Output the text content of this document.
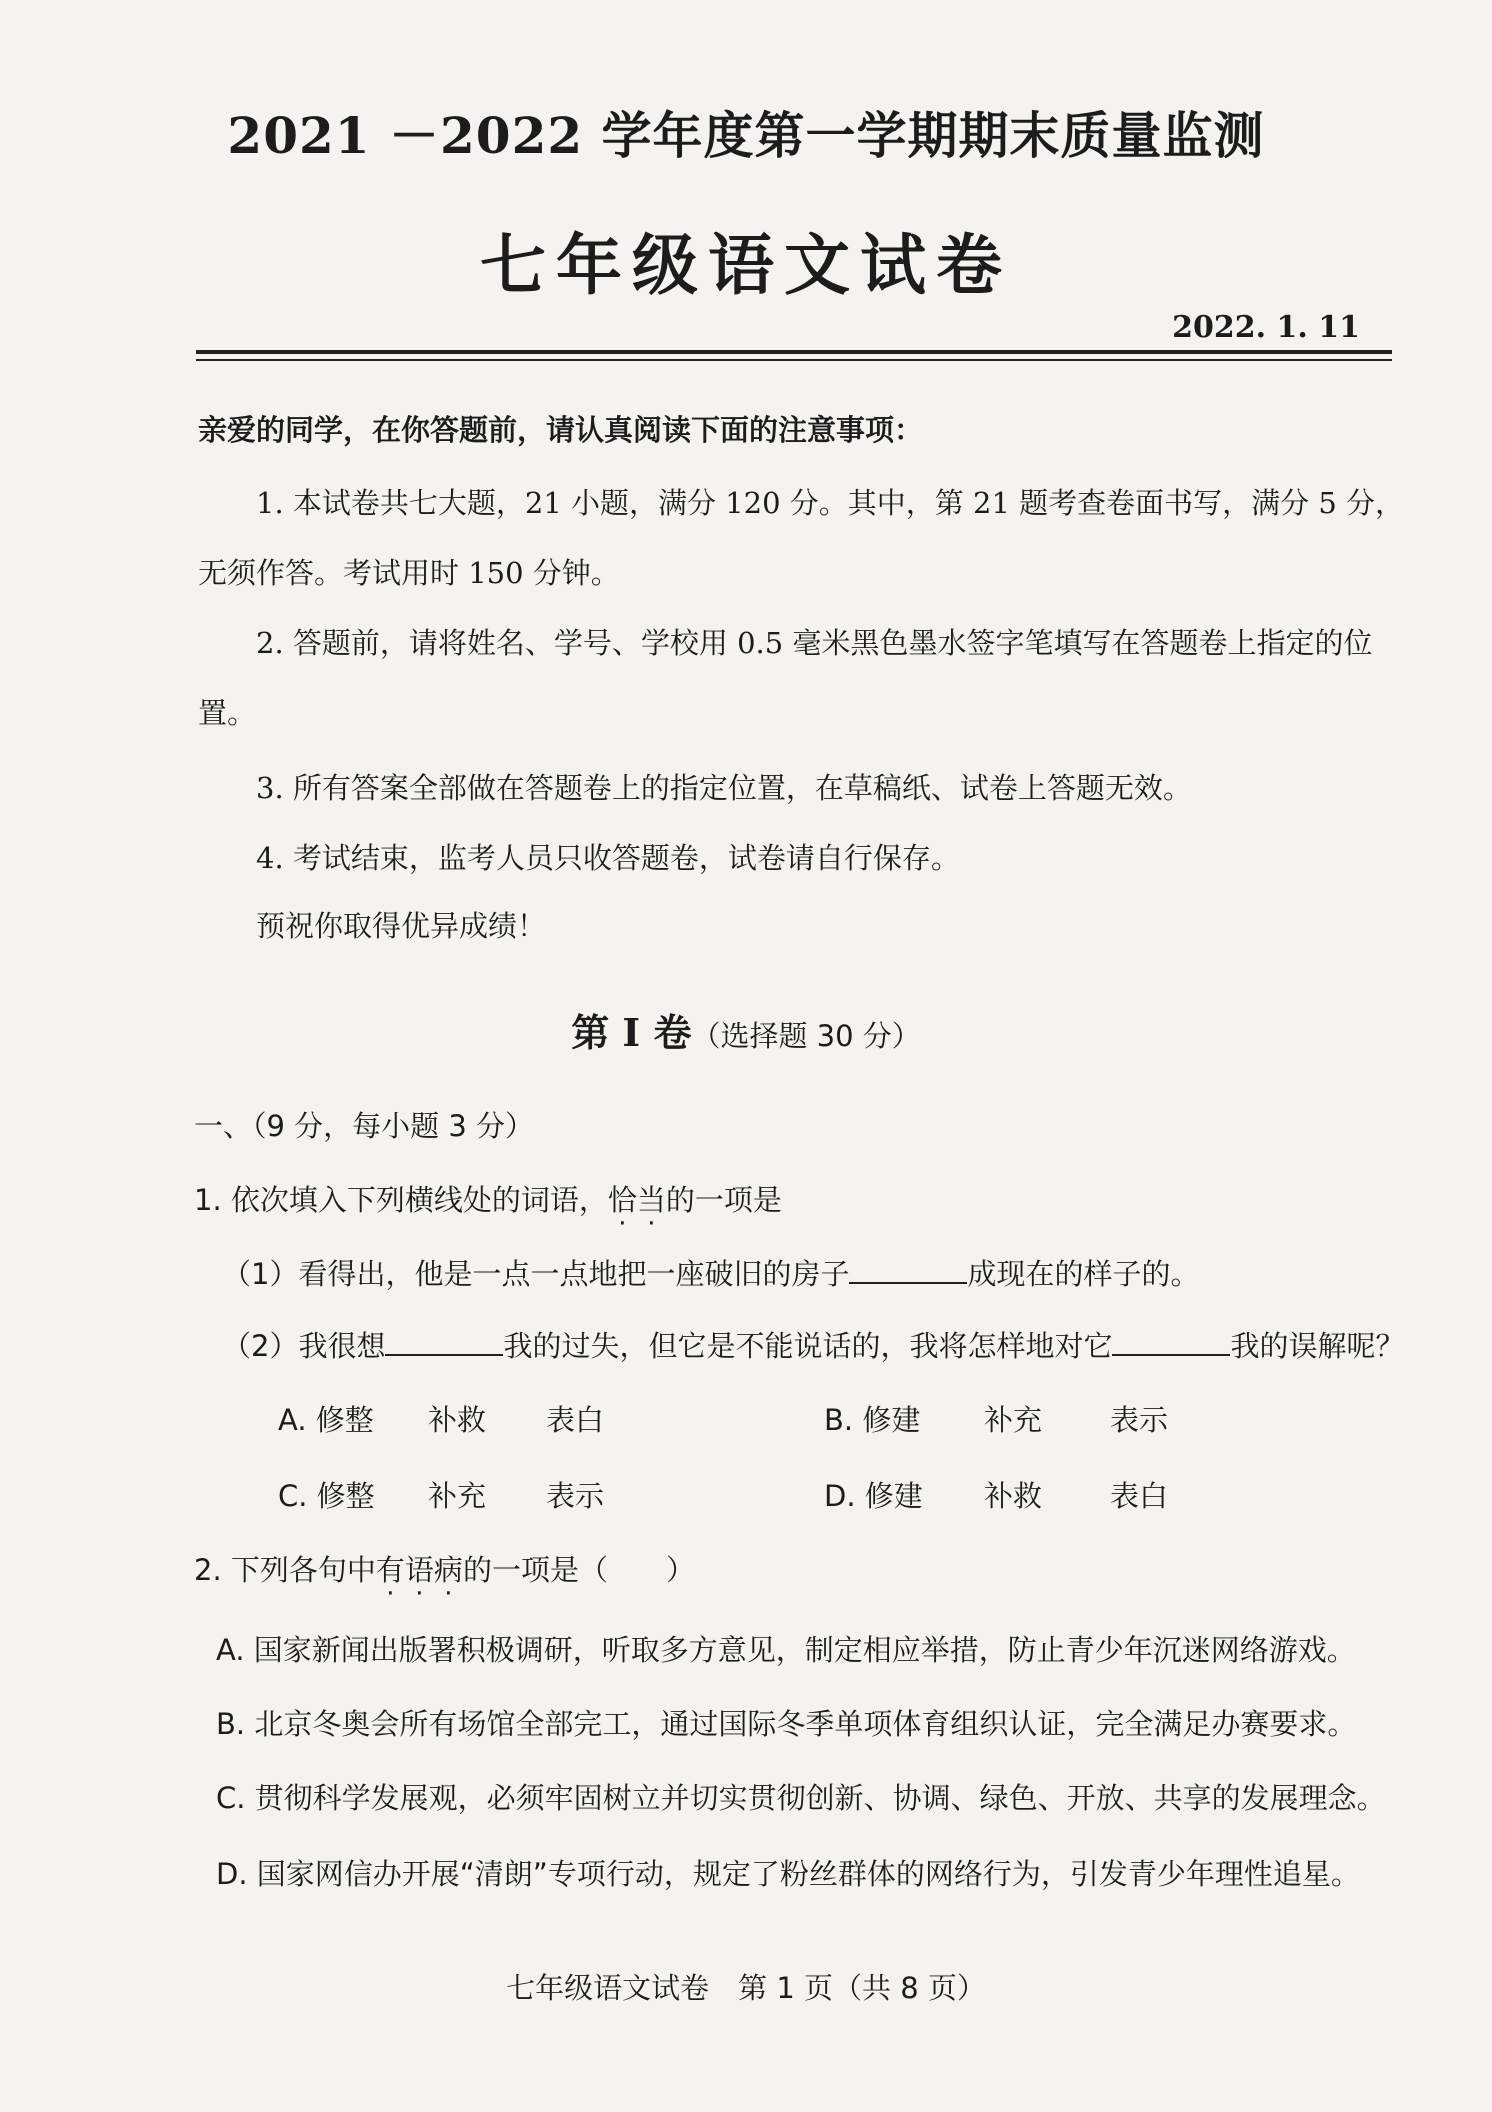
2021 －2022 学年度第一学期期末质量监测
七年级语文试卷
2022. 1. 11
亲爱的同学，在你答题前，请认真阅读下面的注意事项：
1. 本试卷共七大题，21 小题，满分 120 分。其中，第 21 题考查卷面书写，满分 5 分，无须作答。考试用时 150 分钟。
2. 答题前，请将姓名、学号、学校用 0.5 毫米黑色墨水签字笔填写在答题卷上指定的位置。
3. 所有答案全部做在答题卷上的指定位置，在草稿纸、试卷上答题无效。
4. 考试结束，监考人员只收答题卷，试卷请自行保存。
预祝你取得优异成绩！
第 I 卷（选择题 30 分）
一、（9 分，每小题 3 分）
1. 依次填入下列横线处的词语，恰当的一项是
（1）看得出，他是一点一点地把一座破旧的房子	成现在的样子的。
（2）我很想	我的过失，但它是不能说话的，我将怎样地对它	我的误解呢？
A. 修整 补救 表白	B. 修建 补充 表示
C. 修整 补充 表示	D. 修建 补救 表白
2. 下列各句中有语病的一项是（　　）
A. 国家新闻出版署积极调研，听取多方意见，制定相应举措，防止青少年沉迷网络游戏。
B. 北京冬奥会所有场馆全部完工，通过国际冬季单项体育组织认证，完全满足办赛要求。
C. 贯彻科学发展观，必须牢固树立并切实贯彻创新、协调、绿色、开放、共享的发展理念。
D. 国家网信办开展“清朗”专项行动，规定了粉丝群体的网络行为，引发青少年理性追星。
七年级语文试卷　第 1 页（共 8 页）
